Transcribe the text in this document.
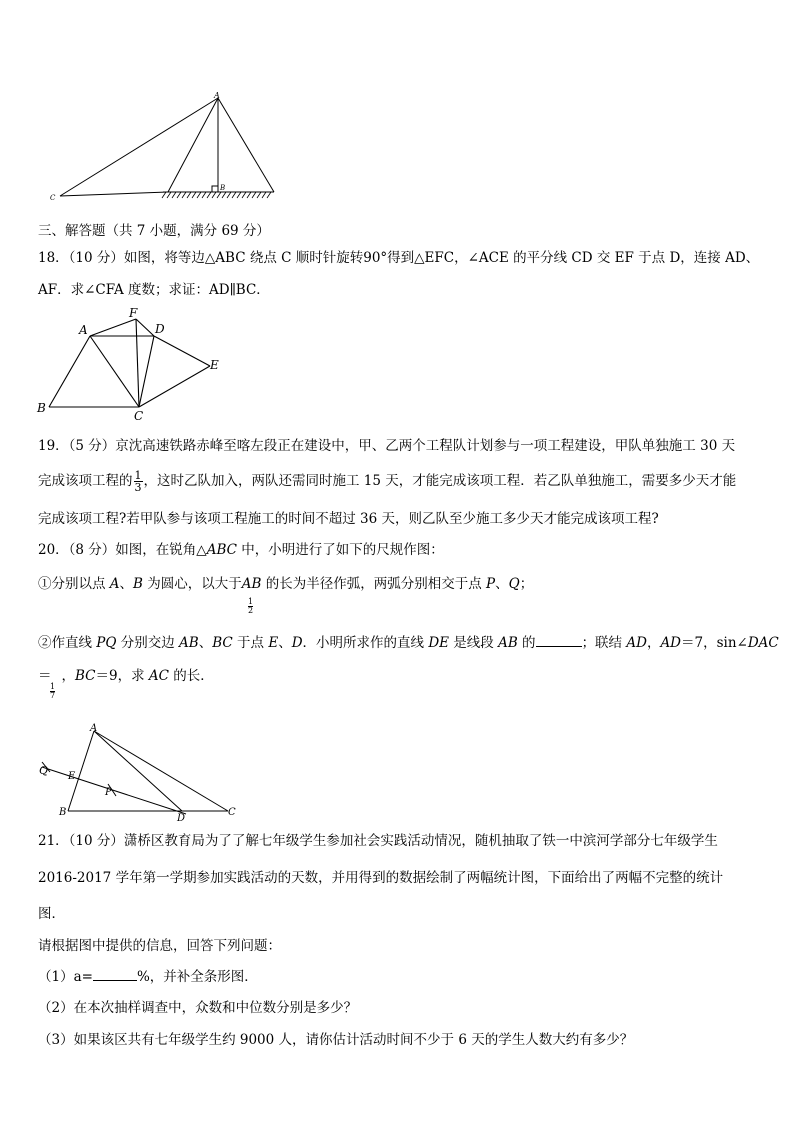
A
B
C
三、解答题（共 7 小题，满分 69 分）
18．（10 分）如图，将等边△ABC 绕点 C 顺时针旋转90°得到△EFC，∠ACE 的平分线 CD 交 EF 于点 D，连接 AD、
AF．求∠CFA 度数；求证：AD∥BC．
A
F
D
E
B
C
19．（5 分）京沈高速铁路赤峰至喀左段正在建设中，甲、乙两个工程队计划参与一项工程建设，甲队单独施工 30 天
完成该项工程的 $\frac{1}{3}$ ，这时乙队加入，两队还需同时施工 15 天，才能完成该项工程．若乙队单独施工，需要多少天才能
完成该项工程?若甲队参与该项工程施工的时间不超过 36 天，则乙队至少施工多少天才能完成该项工程?
20．（8 分）如图，在锐角△ABC 中，小明进行了如下的尺规作图：
①分别以点 A、B 为圆心，以大于AB 的长为半径作弧，两弧分别相交于点 P、Q；
$\frac{1}{2}$
②作直线 PQ 分别交边 AB、BC 于点 E、D．小明所求作的直线 DE 是线段 AB 的	；联结 AD，AD＝7，sin∠DAC
＝ ，BC＝9，求 AC 的长．
$\frac{1}{7}$
A
Q E
P
B
D
C
21．（10 分）潇桥区教育局为了了解七年级学生参加社会实践活动情况，随机抽取了铁一中滨河学部分七年级学生
2016-2017 学年第一学期参加实践活动的天数，并用得到的数据绘制了两幅统计图，下面给出了两幅不完整的统计
图．
请根据图中提供的信息，回答下列问题：
（1）a=	%，并补全条形图．
（2）在本次抽样调查中，众数和中位数分别是多少？
（3）如果该区共有七年级学生约 9000 人，请你估计活动时间不少于 6 天的学生人数大约有多少？
